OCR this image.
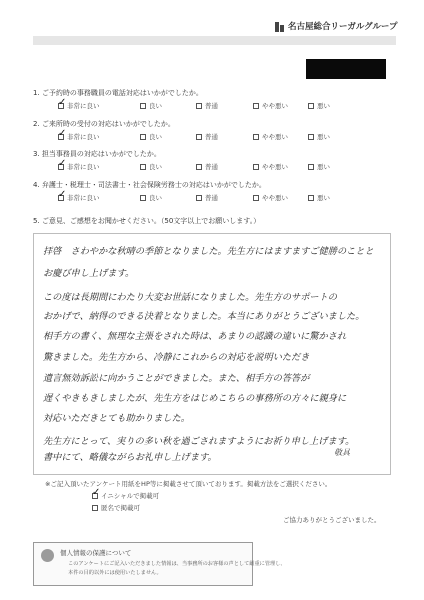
名古屋総合リーガルグループ
1. ご予約時の事務職員の電話対応はいかがでしたか。
✓
非常に良い	良い	普通	やや悪い	悪い
2. ご来所時の受付の対応はいかがでしたか。
✓
非常に良い	良い	普通	やや悪い	悪い
3. 担当事務員の対応はいかがでしたか。
✓
非常に良い	良い	普通	やや悪い	悪い
4. 弁護士・税理士・司法書士・社会保険労務士の対応はいかがでしたか。
✓
非常に良い	良い	普通	やや悪い	悪い
5. ご意見、ご感想をお聞かせください。（50文字以上でお願いします。）
拝啓　さわやかな秋晴の季節となりました。先生方にはますますご健勝のことと
お慶び申し上げます。
この度は長期間にわたり大変お世話になりました。先生方のサポートの
おかげで、納得のできる決着となりました。本当にありがとうございました。
相手方の書く、無理な主張をされた時は、あまりの認識の違いに驚かされ
驚きました。先生方から、冷静にこれからの対応を説明いただき
遺言無効訴訟に向かうことができました。また、相手方の答答が
遅くやきもきしましたが、先生方をはじめこちらの事務所の方々に親身に
対応いただきとても助かりました。
先生方にとって、実りの多い秋を過ごされますようにお祈り申し上げます。
書中にて、略儀ながらお礼申し上げます。	敬具
※ご記入頂いたアンケート用紙をHP等に掲載させて頂いております。掲載方法をご選択ください。
✓
イニシャルで掲載可
匿名で掲載可
ご協力ありがとうございました。
個人情報の保護について
このアンケートにご記入いただきました情報は、当事務所のお客様の声として厳重に管理し、
本件の目的以外には使用いたしません。
